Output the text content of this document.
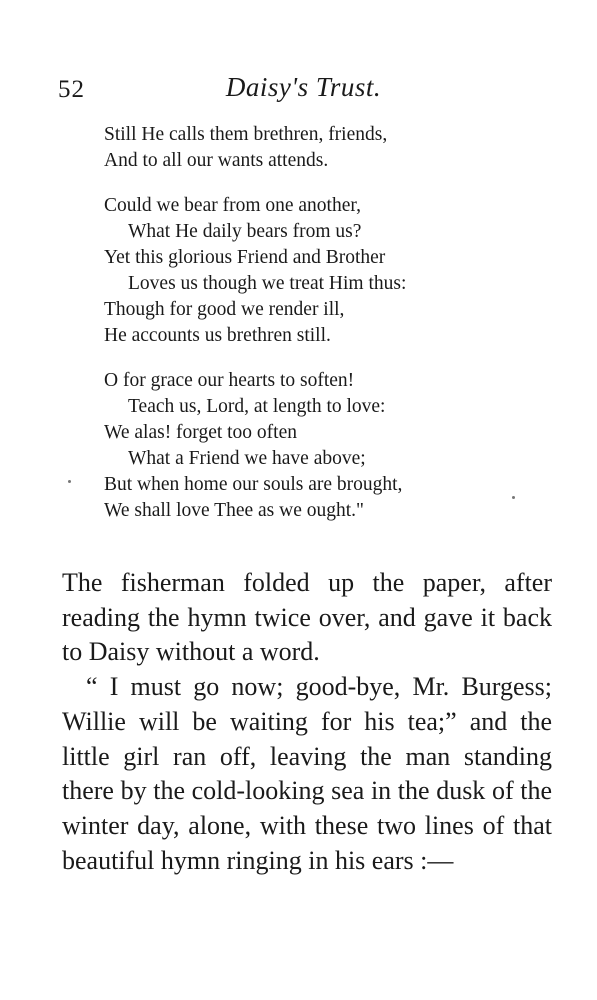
52	Daisy's Trust.
Still He calls them brethren, friends,
And to all our wants attends.
Could we bear from one another,
What He daily bears from us?
Yet this glorious Friend and Brother
Loves us though we treat Him thus:
Though for good we render ill,
He accounts us brethren still.
O for grace our hearts to soften!
Teach us, Lord, at length to love:
We alas! forget too often
What a Friend we have above;
But when home our souls are brought,
We shall love Thee as we ought."

The fisherman folded up the paper, after reading the hymn twice over, and gave it back to Daisy without a word.

“ I must go now; good-bye, Mr. Burgess; Willie will be waiting for his tea;” and the little girl ran off, leaving the man standing there by the cold-looking sea in the dusk of the winter day, alone, with these two lines of that beautiful hymn ringing in his ears :—
